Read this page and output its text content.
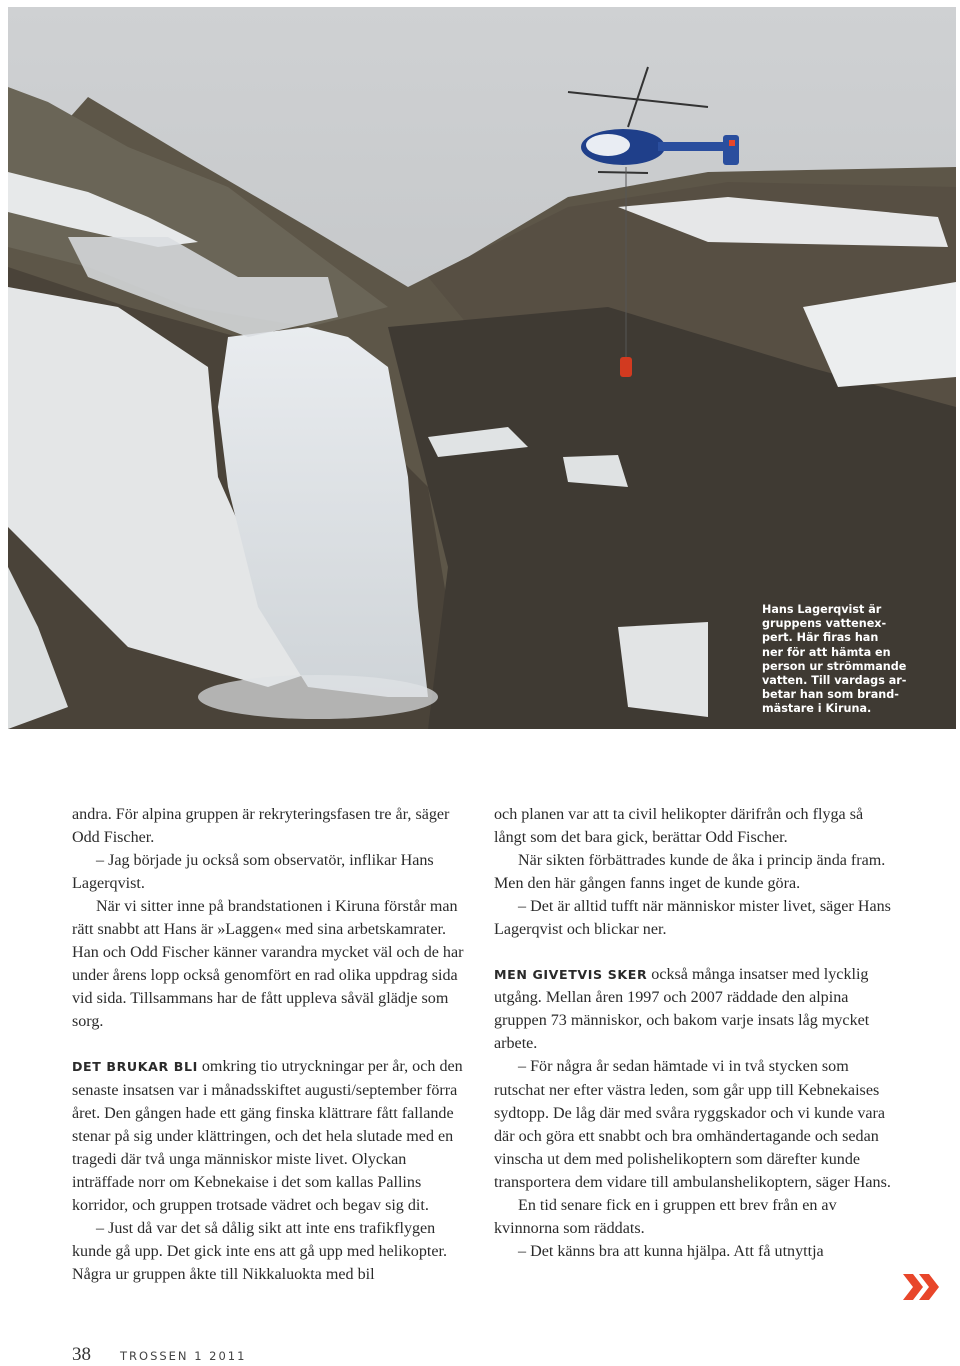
Hans Lagerqvist är
gruppens vattenex-
pert. Här firas han
ner för att hämta en
person ur strömmande
vatten. Till vardags ar-
betar han som brand-
mästare i Kiruna.

andra. För alpina gruppen är rekryteringsfasen tre år, säger Odd Fischer.

– Jag började ju också som observatör, inflikar Hans Lagerqvist.

När vi sitter inne på brandstationen i Kiruna förstår man rätt snabbt att Hans är »Laggen« med sina arbetskamrater. Han och Odd Fischer känner varandra mycket väl och de har under årens lopp också genomfört en rad olika uppdrag sida vid sida. Tillsammans har de fått uppleva såväl glädje som sorg.

DET BRUKAR BLI omkring tio utryckningar per år, och den senaste insatsen var i månadsskiftet augusti/september förra året. Den gången hade ett gäng finska klättrare fått fallande stenar på sig under klättringen, och det hela slutade med en tragedi där två unga människor miste livet. Olyckan inträffade norr om Kebnekaise i det som kallas Pallins korridor, och gruppen trotsade vädret och begav sig dit.

– Just då var det så dålig sikt att inte ens trafikflygen kunde gå upp. Det gick inte ens att gå upp med helikopter. Några ur gruppen åkte till Nikkaluokta med bil

och planen var att ta civil helikopter därifrån och flyga så långt som det bara gick, berättar Odd Fischer.

När sikten förbättrades kunde de åka i princip ända fram. Men den här gången fanns inget de kunde göra.

– Det är alltid tufft när människor mister livet, säger Hans Lagerqvist och blickar ner.

MEN GIVETVIS SKER också många insatser med lycklig utgång. Mellan åren 1997 och 2007 räddade den alpina gruppen 73 människor, och bakom varje insats låg mycket arbete.

– För några år sedan hämtade vi in två stycken som rutschat ner efter västra leden, som går upp till Kebnekaises sydtopp. De låg där med svåra ryggskador och vi kunde vara där och göra ett snabbt och bra omhändertagande och sedan vinscha ut dem med polishelikoptern som därefter kunde transportera dem vidare till ambulanshelikoptern, säger Hans.

En tid senare fick en i gruppen ett brev från en av kvinnorna som räddats.

– Det känns bra att kunna hjälpa. Att få utnyttja

38	TROSSEN 1 2011
